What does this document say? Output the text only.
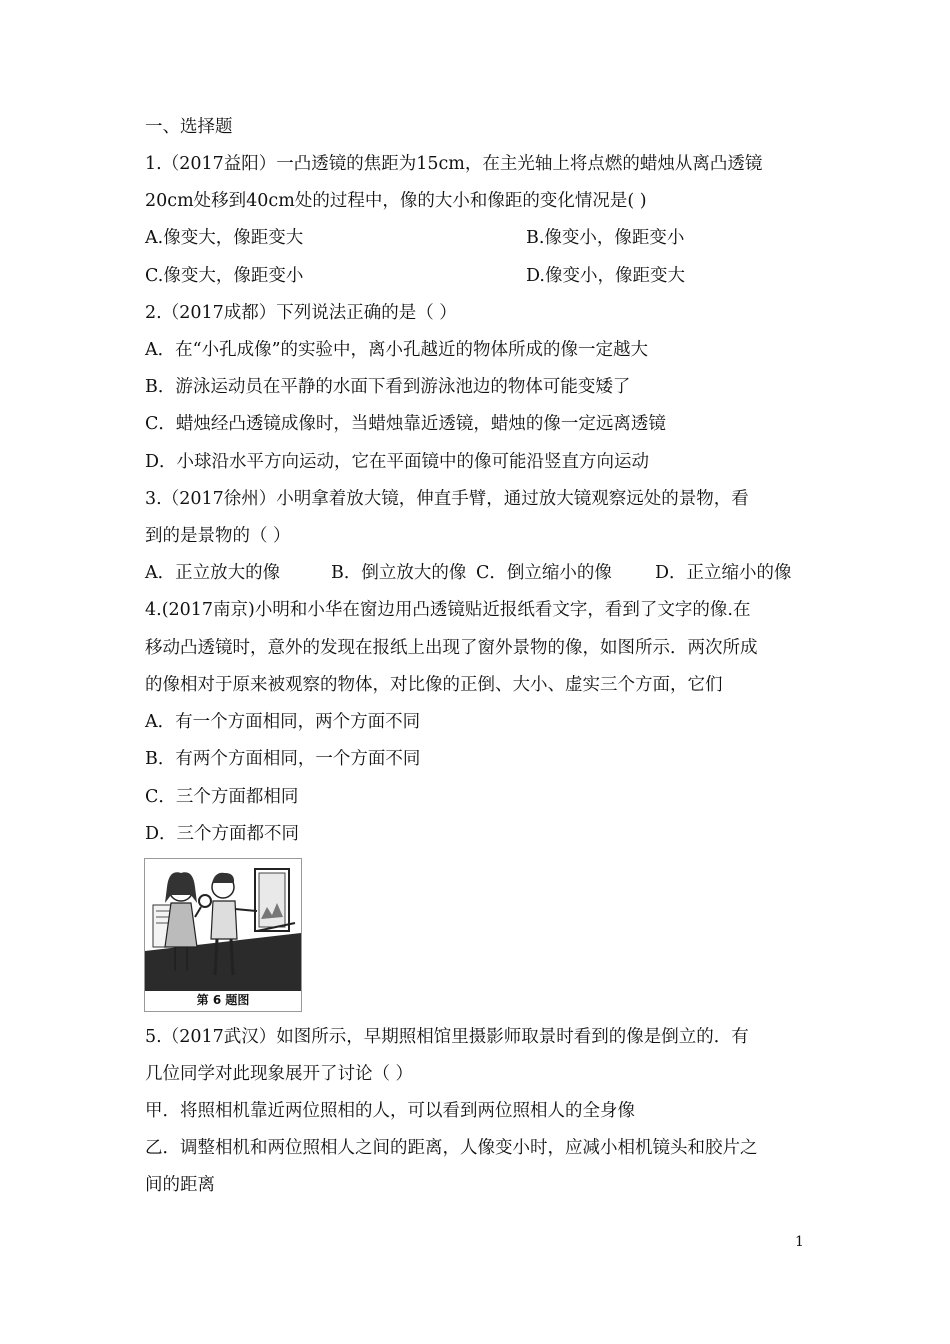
一、选择题
1.（2017益阳）一凸透镜的焦距为15cm，在主光轴上将点燃的蜡烛从离凸透镜
20cm处移到40cm处的过程中，像的大小和像距的变化情况是( )
A.像变大，像距变大	B.像变小，像距变小
C.像变大，像距变小	D.像变小，像距变大
2.（2017成都）下列说法正确的是（ ）
A．在“小孔成像”的实验中，离小孔越近的物体所成的像一定越大
B．游泳运动员在平静的水面下看到游泳池边的物体可能变矮了
C．蜡烛经凸透镜成像时，当蜡烛靠近透镜，蜡烛的像一定远离透镜
D．小球沿水平方向运动，它在平面镜中的像可能沿竖直方向运动
3.（2017徐州）小明拿着放大镜，伸直手臂，通过放大镜观察远处的景物，看
到的是景物的（ ）
A．正立放大的像	B．倒立放大的像 C．倒立缩小的像 D．正立缩小的像
4.(2017南京)小明和小华在窗边用凸透镜贴近报纸看文字，看到了文字的像.在
移动凸透镜时，意外的发现在报纸上出现了窗外景物的像，如图所示．两次所成
的像相对于原来被观察的物体，对比像的正倒、大小、虚实三个方面，它们
A．有一个方面相同，两个方面不同
B．有两个方面相同，一个方面不同
C．三个方面都相同
D．三个方面都不同
第 6 题图
5.（2017武汉）如图所示，早期照相馆里摄影师取景时看到的像是倒立的．有
几位同学对此现象展开了讨论（ ）
甲．将照相机靠近两位照相的人，可以看到两位照相人的全身像
乙．调整相机和两位照相人之间的距离，人像变小时，应减小相机镜头和胶片之
间的距离
1
